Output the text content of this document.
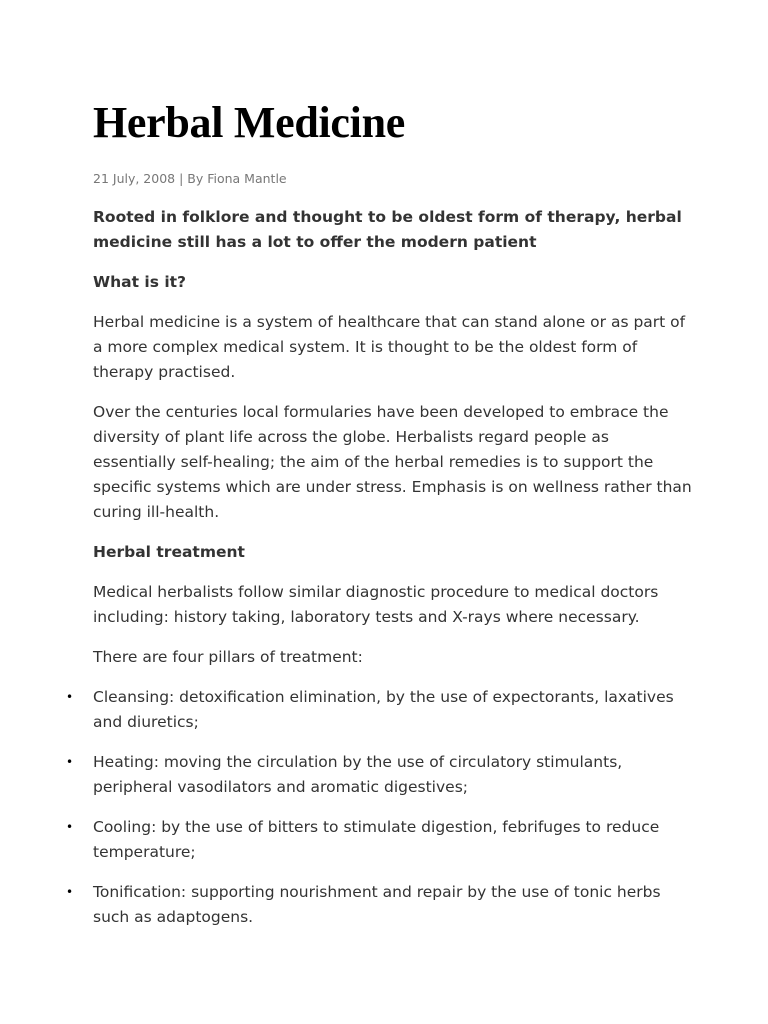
Herbal Medicine
21 July, 2008 | By Fiona Mantle

Rooted in folklore and thought to be oldest form of therapy, herbal medicine still has a lot to offer the modern patient

What is it?

Herbal medicine is a system of healthcare that can stand alone or as part of a more complex medical system. It is thought to be the oldest form of therapy practised.

Over the centuries local formularies have been developed to embrace the diversity of plant life across the globe. Herbalists regard people as essentially self-healing; the aim of the herbal remedies is to support the specific systems which are under stress. Emphasis is on wellness rather than curing ill-health.

Herbal treatment

Medical herbalists follow similar diagnostic procedure to medical doctors including: history taking, laboratory tests and X-rays where necessary.

There are four pillars of treatment:

• Cleansing: detoxification elimination, by the use of expectorants, laxatives and diuretics;
• Heating: moving the circulation by the use of circulatory stimulants, peripheral vasodilators and aromatic digestives;
• Cooling: by the use of bitters to stimulate digestion, febrifuges to reduce temperature;
• Tonification: supporting nourishment and repair by the use of tonic herbs such as adaptogens.
